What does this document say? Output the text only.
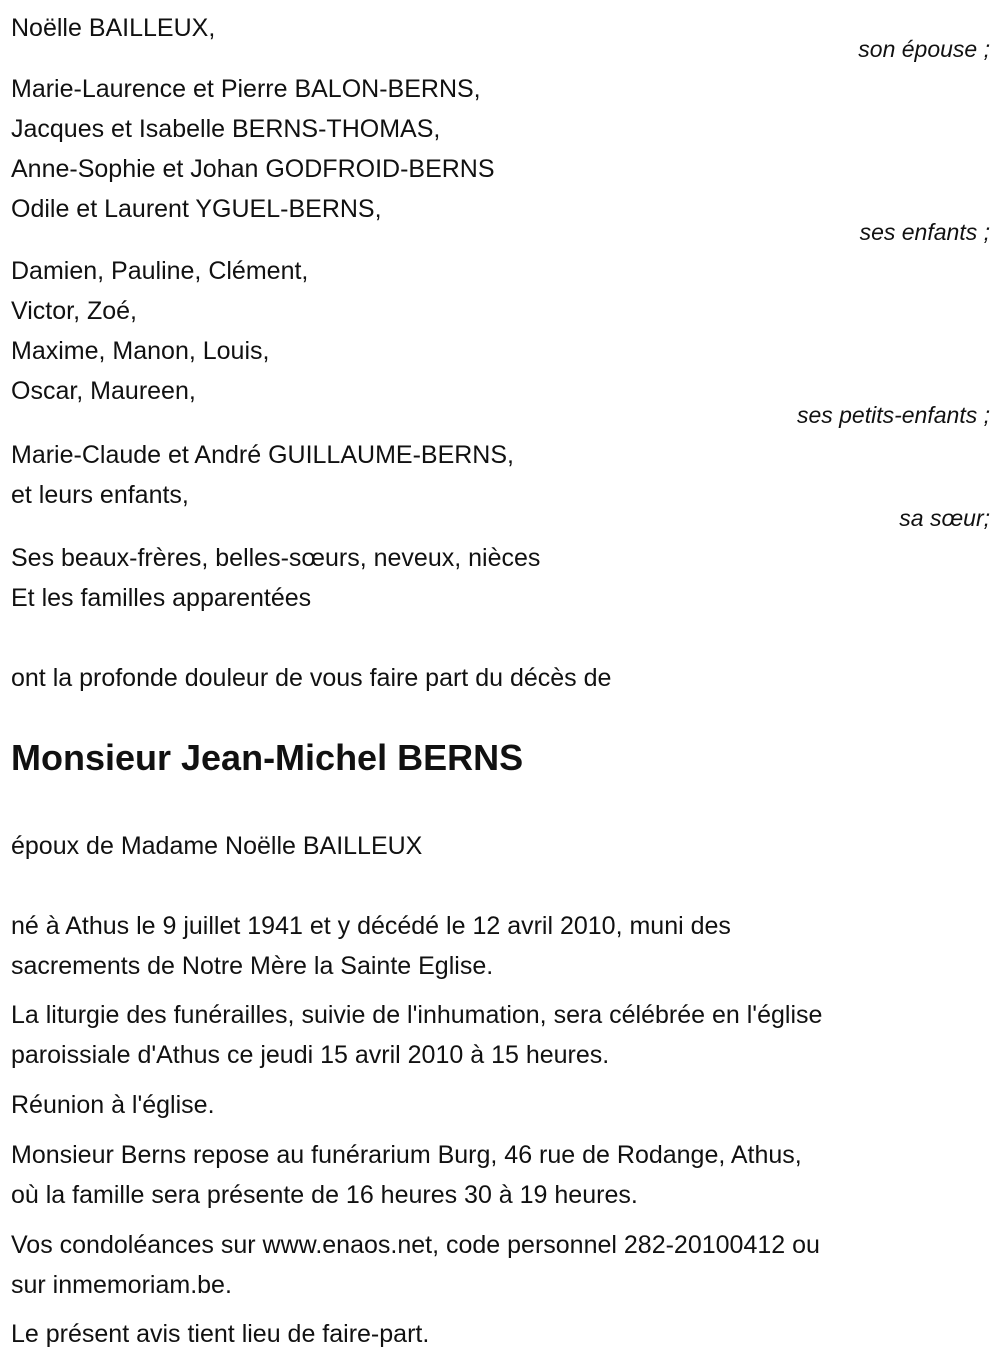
Noëlle BAILLEUX,
son épouse ;
Marie-Laurence et Pierre BALON-BERNS,
Jacques et Isabelle BERNS-THOMAS,
Anne-Sophie et Johan GODFROID-BERNS
Odile et Laurent YGUEL-BERNS,
ses enfants ;
Damien, Pauline, Clément,
Victor, Zoé,
Maxime, Manon, Louis,
Oscar, Maureen,
ses petits-enfants ;
Marie-Claude et André GUILLAUME-BERNS,
et leurs enfants,
sa sœur;
Ses beaux-frères, belles-sœurs, neveux, nièces
Et les familles apparentées
ont la profonde douleur de vous faire part du décès de
Monsieur Jean-Michel BERNS
époux de Madame Noëlle BAILLEUX
né à Athus le 9 juillet 1941 et y décédé le 12 avril 2010, muni des
sacrements de Notre Mère la Sainte Eglise.
La liturgie des funérailles, suivie de l'inhumation, sera célébrée en l'église
paroissiale d'Athus ce jeudi 15 avril 2010 à 15 heures.
Réunion à l'église.
Monsieur Berns repose au funérarium Burg, 46 rue de Rodange, Athus,
où la famille sera présente de 16 heures 30 à 19 heures.
Vos condoléances sur www.enaos.net, code personnel 282-20100412 ou
sur inmemoriam.be.
Le présent avis tient lieu de faire-part.
